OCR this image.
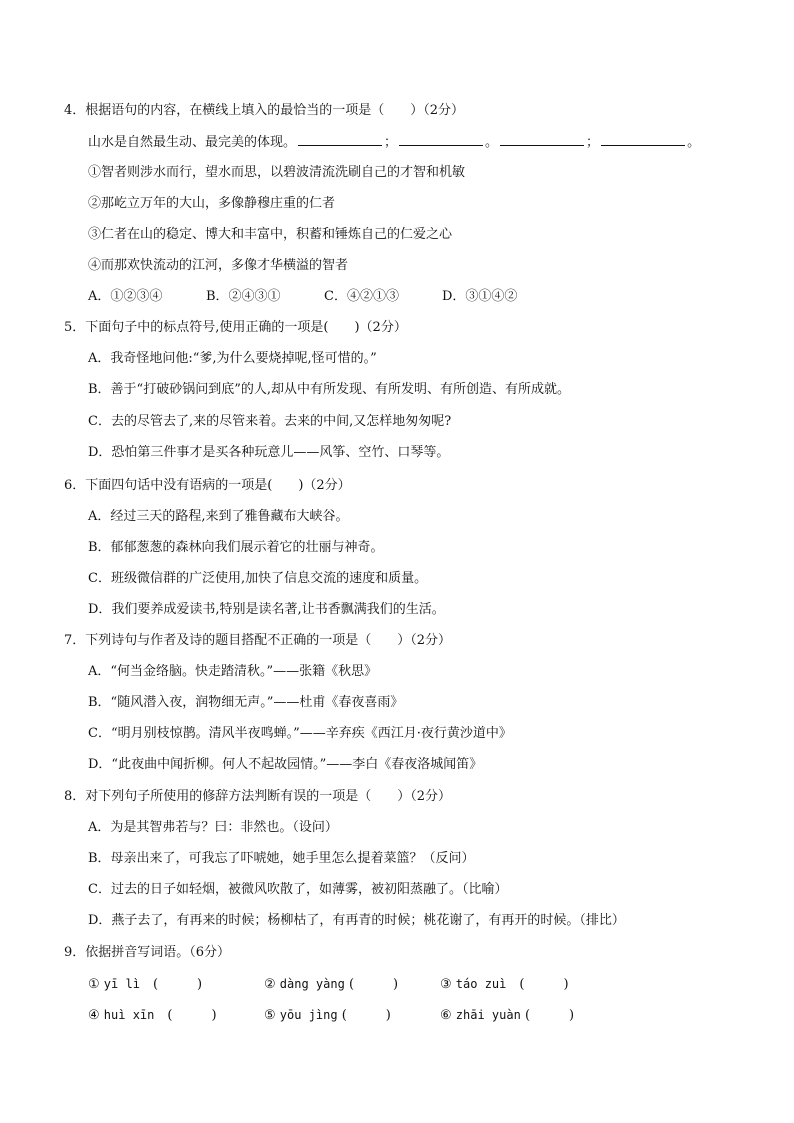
4．根据语句的内容，在横线上填入的最恰当的一项是（　　）（2分）
山水是自然最生动、最完美的体现。	；	。	；	。
①智者则涉水而行，望水而思，以碧波清流洗刷自己的才智和机敏
②那屹立万年的大山，多像静穆庄重的仁者
③仁者在山的稳定、博大和丰富中，积蓄和锤炼自己的仁爱之心
④而那欢快流动的江河，多像才华横溢的智者
A．①②③④	B．②④③①	C．④②①③	D．③①④②
5．下面句子中的标点符号,使用正确的一项是(　　)（2分）
A．我奇怪地问他:“爹,为什么要烧掉呢,怪可惜的。”
B．善于“打破砂锅问到底”的人,却从中有所发现、有所发明、有所创造、有所成就。
C．去的尽管去了,来的尽管来着。去来的中间,又怎样地匆匆呢?
D．恐怕第三件事才是买各种玩意儿——风筝、空竹、口琴等。
6．下面四句话中没有语病的一项是(　　)（2分）
A．经过三天的路程,来到了雅鲁藏布大峡谷。
B．郁郁葱葱的森林向我们展示着它的壮丽与神奇。
C．班级微信群的广泛使用,加快了信息交流的速度和质量。
D．我们要养成爱读书,特别是读名著,让书香飘满我们的生活。
7．下列诗句与作者及诗的题目搭配不正确的一项是（　　）（2分）
A．“何当金络脑。快走踏清秋。”——张籍《秋思》
B．“随风潜入夜，润物细无声。”——杜甫《春夜喜雨》
C．“明月别枝惊鹊。清风半夜鸣蝉。”——辛弃疾《西江月·夜行黄沙道中》
D．“此夜曲中闻折柳。何人不起故园情。”——李白《春夜洛城闻笛》
8．对下列句子所使用的修辞方法判断有误的一项是（　　）（2分）
A．为是其智弗若与？曰：非然也。（设问）
B．母亲出来了，可我忘了吓唬她，她手里怎么提着菜篮？（反问）
C．过去的日子如轻烟，被微风吹散了，如薄雾，被初阳蒸融了。（比喻）
D．燕子去了，有再来的时候；杨柳枯了，有再青的时候；桃花谢了，有再开的时候。（排比）
9．依据拼音写词语。（6分）
① yī lì　 (　　　)	② dàng yàng (　　　)	③ táo zuì　 (　　　)
④ huì xīn　 (　　　)	⑤ yōu jìng (　　　)	⑥ zhāi yuàn (　　　)
